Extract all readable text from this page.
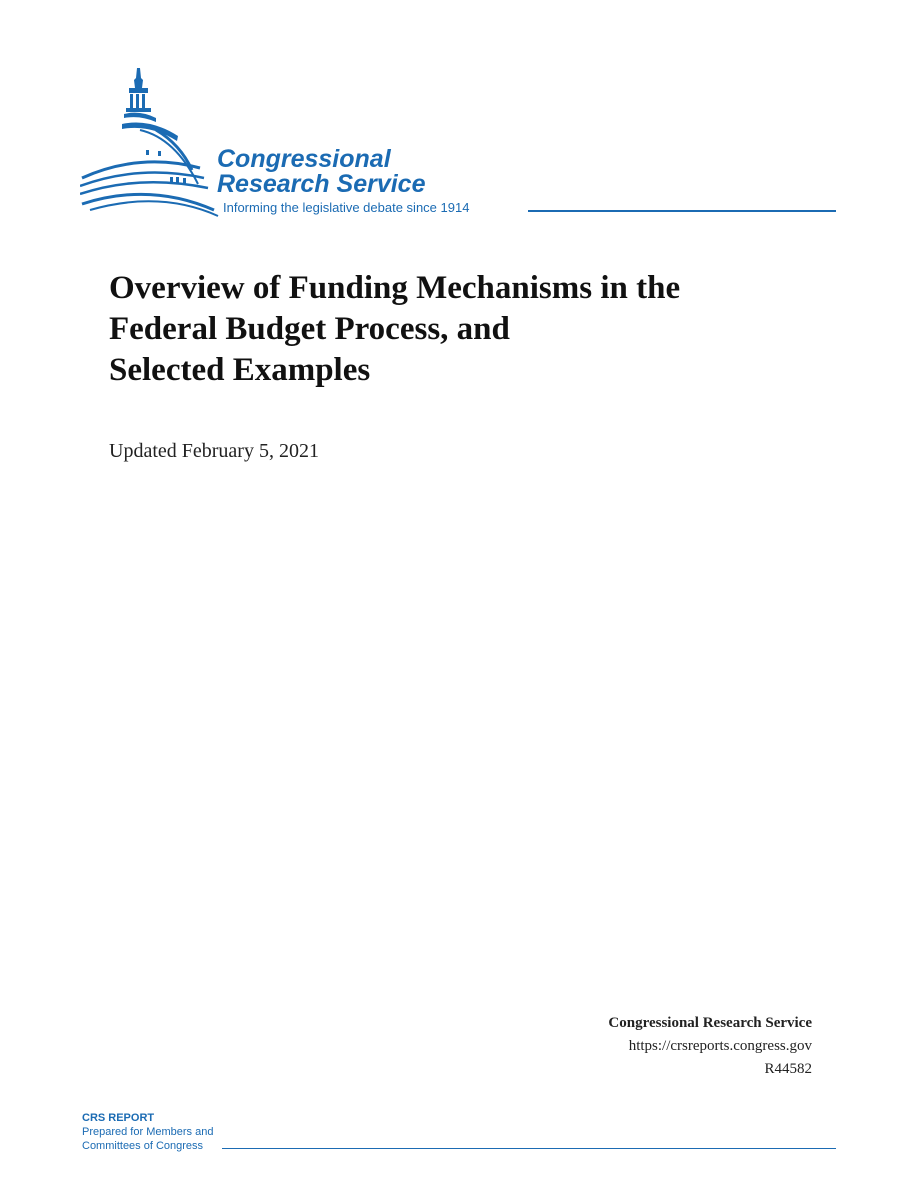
Congressional
Research Service
Informing the legislative debate since 1914
Overview of Funding Mechanisms in the
Federal Budget Process, and
Selected Examples
Updated February 5, 2021
Congressional Research Service
https://crsreports.congress.gov
R44582
CRS REPORT
Prepared for Members and
Committees of Congress
